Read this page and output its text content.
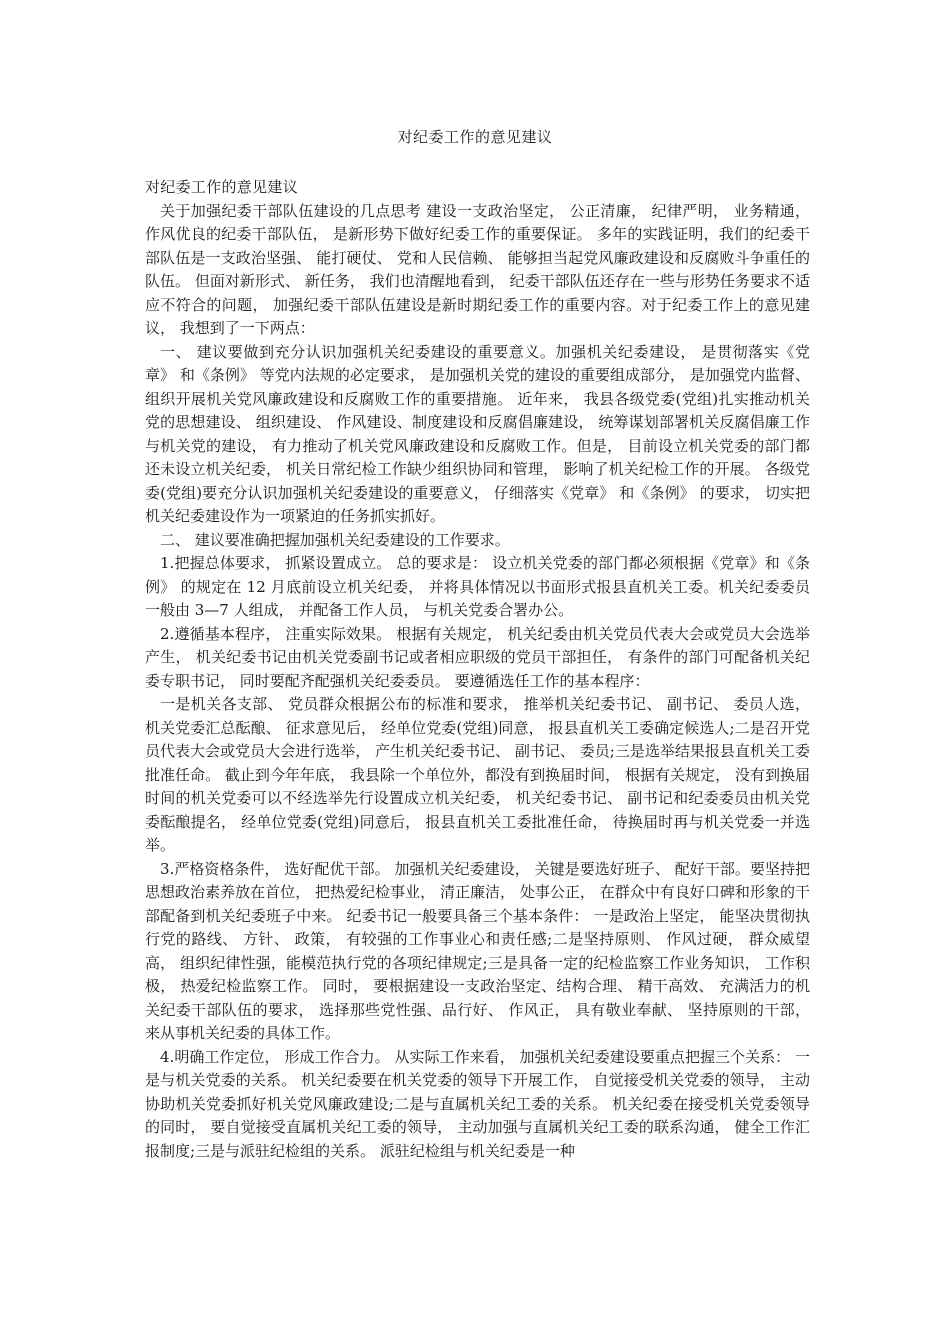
对纪委工作的意见建议

对纪委工作的意见建议

关于加强纪委干部队伍建设的几点思考 建设一支政治坚定， 公正清廉， 纪律严明， 业务精通， 作风优良的纪委干部队伍， 是新形势下做好纪委工作的重要保证。 多年的实践证明，我们的纪委干部队伍是一支政治坚强、 能打硬仗、 党和人民信赖、 能够担当起党风廉政建设和反腐败斗争重任的队伍。 但面对新形式、 新任务， 我们也清醒地看到， 纪委干部队伍还存在一些与形势任务要求不适应不符合的问题， 加强纪委干部队伍建设是新时期纪委工作的重要内容。对于纪委工作上的意见建议， 我想到了一下两点：

一、 建议要做到充分认识加强机关纪委建设的重要意义。加强机关纪委建设， 是贯彻落实《党章》 和《条例》 等党内法规的必定要求， 是加强机关党的建设的重要组成部分， 是加强党内监督、组织开展机关党风廉政建设和反腐败工作的重要措施。 近年来， 我县各级党委(党组)扎实推动机关党的思想建设、 组织建设、 作风建设、制度建设和反腐倡廉建设， 统筹谋划部署机关反腐倡廉工作与机关党的建设， 有力推动了机关党风廉政建设和反腐败工作。但是， 目前设立机关党委的部门都还未设立机关纪委， 机关日常纪检工作缺少组织协同和管理， 影响了机关纪检工作的开展。 各级党委(党组)要充分认识加强机关纪委建设的重要意义， 仔细落实《党章》 和《条例》 的要求， 切实把机关纪委建设作为一项紧迫的任务抓实抓好。

二、 建议要准确把握加强机关纪委建设的工作要求。

1.把握总体要求， 抓紧设置成立。 总的要求是： 设立机关党委的部门都必须根据《党章》和《条例》 的规定在 12 月底前设立机关纪委， 并将具体情况以书面形式报县直机关工委。机关纪委委员一般由 3—7 人组成， 并配备工作人员， 与机关党委合署办公。

2.遵循基本程序， 注重实际效果。 根据有关规定， 机关纪委由机关党员代表大会或党员大会选举产生， 机关纪委书记由机关党委副书记或者相应职级的党员干部担任， 有条件的部门可配备机关纪委专职书记， 同时要配齐配强机关纪委委员。 要遵循选任工作的基本程序：

一是机关各支部、 党员群众根据公布的标准和要求， 推举机关纪委书记、 副书记、 委员人选， 机关党委汇总酝酿、 征求意见后， 经单位党委(党组)同意， 报县直机关工委确定候选人;二是召开党员代表大会或党员大会进行选举， 产生机关纪委书记、 副书记、 委员;三是选举结果报县直机关工委批准任命。 截止到今年年底， 我县除一个单位外，都没有到换届时间， 根据有关规定， 没有到换届时间的机关党委可以不经选举先行设置成立机关纪委， 机关纪委书记、 副书记和纪委委员由机关党委酝酿提名， 经单位党委(党组)同意后， 报县直机关工委批准任命， 待换届时再与机关党委一并选举。

3.严格资格条件， 选好配优干部。 加强机关纪委建设， 关键是要选好班子、 配好干部。要坚持把思想政治素养放在首位， 把热爱纪检事业， 清正廉洁， 处事公正， 在群众中有良好口碑和形象的干部配备到机关纪委班子中来。 纪委书记一般要具备三个基本条件： 一是政治上坚定， 能坚决贯彻执行党的路线、 方针、 政策， 有较强的工作事业心和责任感;二是坚持原则、 作风过硬， 群众威望高， 组织纪律性强，能模范执行党的各项纪律规定;三是具备一定的纪检监察工作业务知识， 工作积极， 热爱纪检监察工作。 同时， 要根据建设一支政治坚定、结构合理、 精干高效、 充满活力的机关纪委干部队伍的要求， 选择那些党性强、品行好、 作风正， 具有敬业奉献、 坚持原则的干部， 来从事机关纪委的具体工作。

4.明确工作定位， 形成工作合力。 从实际工作来看， 加强机关纪委建设要重点把握三个关系： 一是与机关党委的关系。 机关纪委要在机关党委的领导下开展工作， 自觉接受机关党委的领导， 主动协助机关党委抓好机关党风廉政建设;二是与直属机关纪工委的关系。 机关纪委在接受机关党委领导的同时， 要自觉接受直属机关纪工委的领导， 主动加强与直属机关纪工委的联系沟通， 健全工作汇报制度;三是与派驻纪检组的关系。 派驻纪检组与机关纪委是一种
